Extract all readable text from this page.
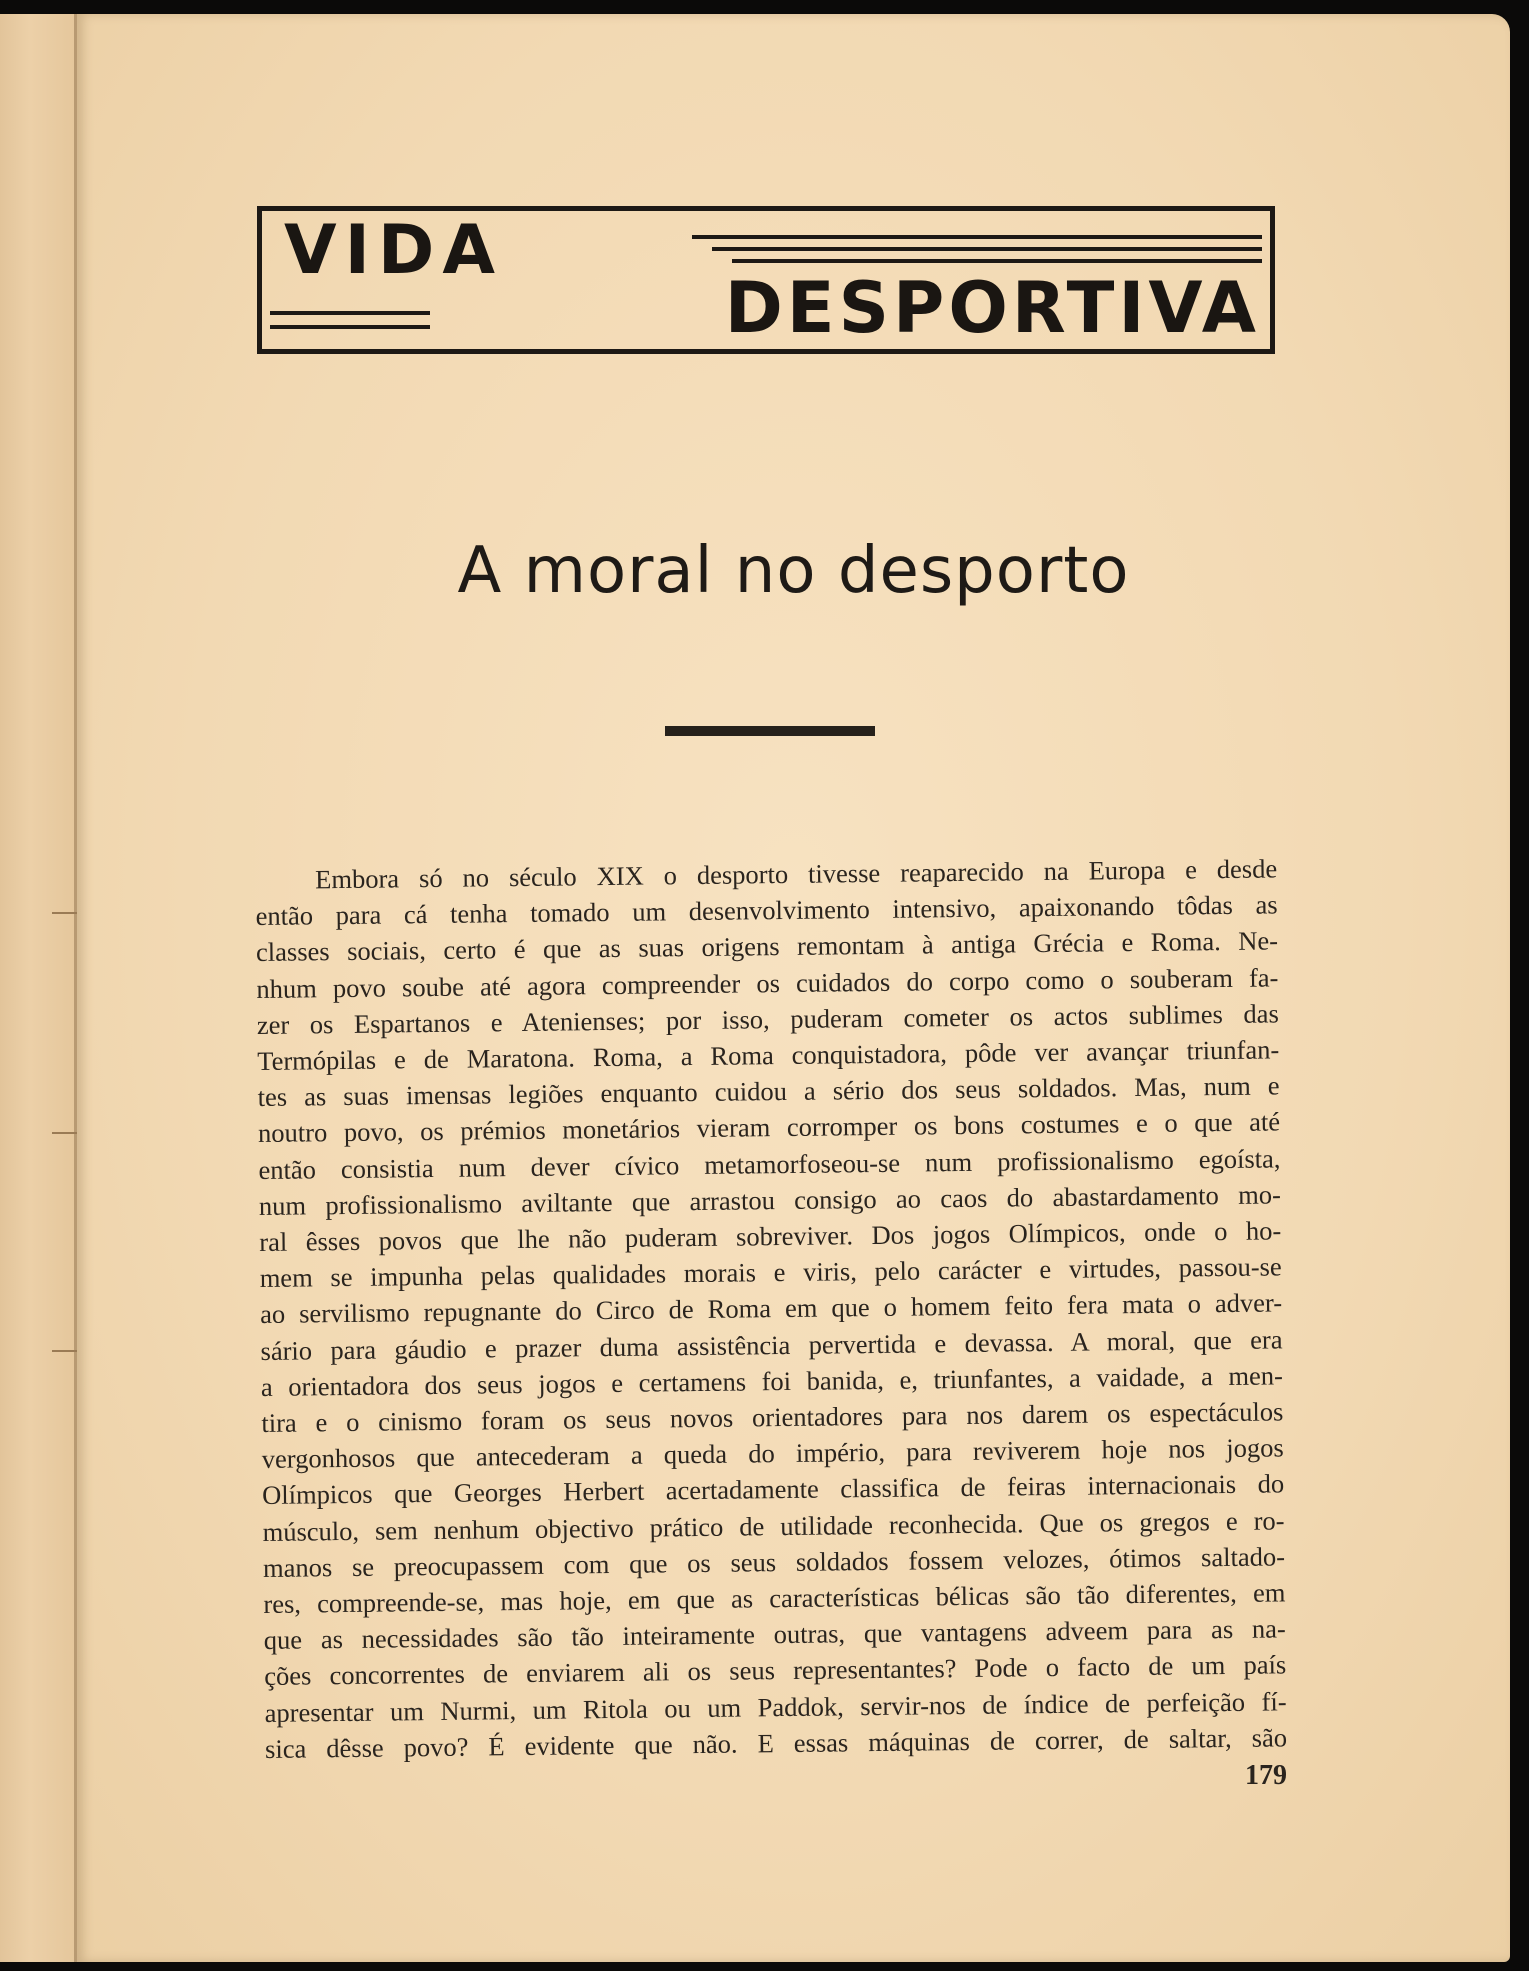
VIDA
DESPORTIVA
A moral no desporto
Embora só no século XIX o desporto tivesse reaparecido na Europa e desde
então para cá tenha tomado um desenvolvimento intensivo, apaixonando tôdas as
classes sociais, certo é que as suas origens remontam à antiga Grécia e Roma. Ne-
nhum povo soube até agora compreender os cuidados do corpo como o souberam fa-
zer os Espartanos e Atenienses; por isso, puderam cometer os actos sublimes das
Termópilas e de Maratona. Roma, a Roma conquistadora, pôde ver avançar triunfan-
tes as suas imensas legiões enquanto cuidou a sério dos seus soldados. Mas, num e
noutro povo, os prémios monetários vieram corromper os bons costumes e o que até
então consistia num dever cívico metamorfoseou-se num profissionalismo egoísta,
num profissionalismo aviltante que arrastou consigo ao caos do abastardamento mo-
ral êsses povos que lhe não puderam sobreviver. Dos jogos Olímpicos, onde o ho-
mem se impunha pelas qualidades morais e viris, pelo carácter e virtudes, passou-se
ao servilismo repugnante do Circo de Roma em que o homem feito fera mata o adver-
sário para gáudio e prazer duma assistência pervertida e devassa. A moral, que era
a orientadora dos seus jogos e certamens foi banida, e, triunfantes, a vaidade, a men-
tira e o cinismo foram os seus novos orientadores para nos darem os espectáculos
vergonhosos que antecederam a queda do império, para reviverem hoje nos jogos
Olímpicos que Georges Herbert acertadamente classifica de feiras internacionais do
músculo, sem nenhum objectivo prático de utilidade reconhecida. Que os gregos e ro-
manos se preocupassem com que os seus soldados fossem velozes, ótimos saltado-
res, compreende-se, mas hoje, em que as características bélicas são tão diferentes, em
que as necessidades são tão inteiramente outras, que vantagens adveem para as na-
ções concorrentes de enviarem ali os seus representantes? Pode o facto de um país
apresentar um Nurmi, um Ritola ou um Paddok, servir-nos de índice de perfeição fí-
sica dêsse povo? É evidente que não. E essas máquinas de correr, de saltar, são
179
